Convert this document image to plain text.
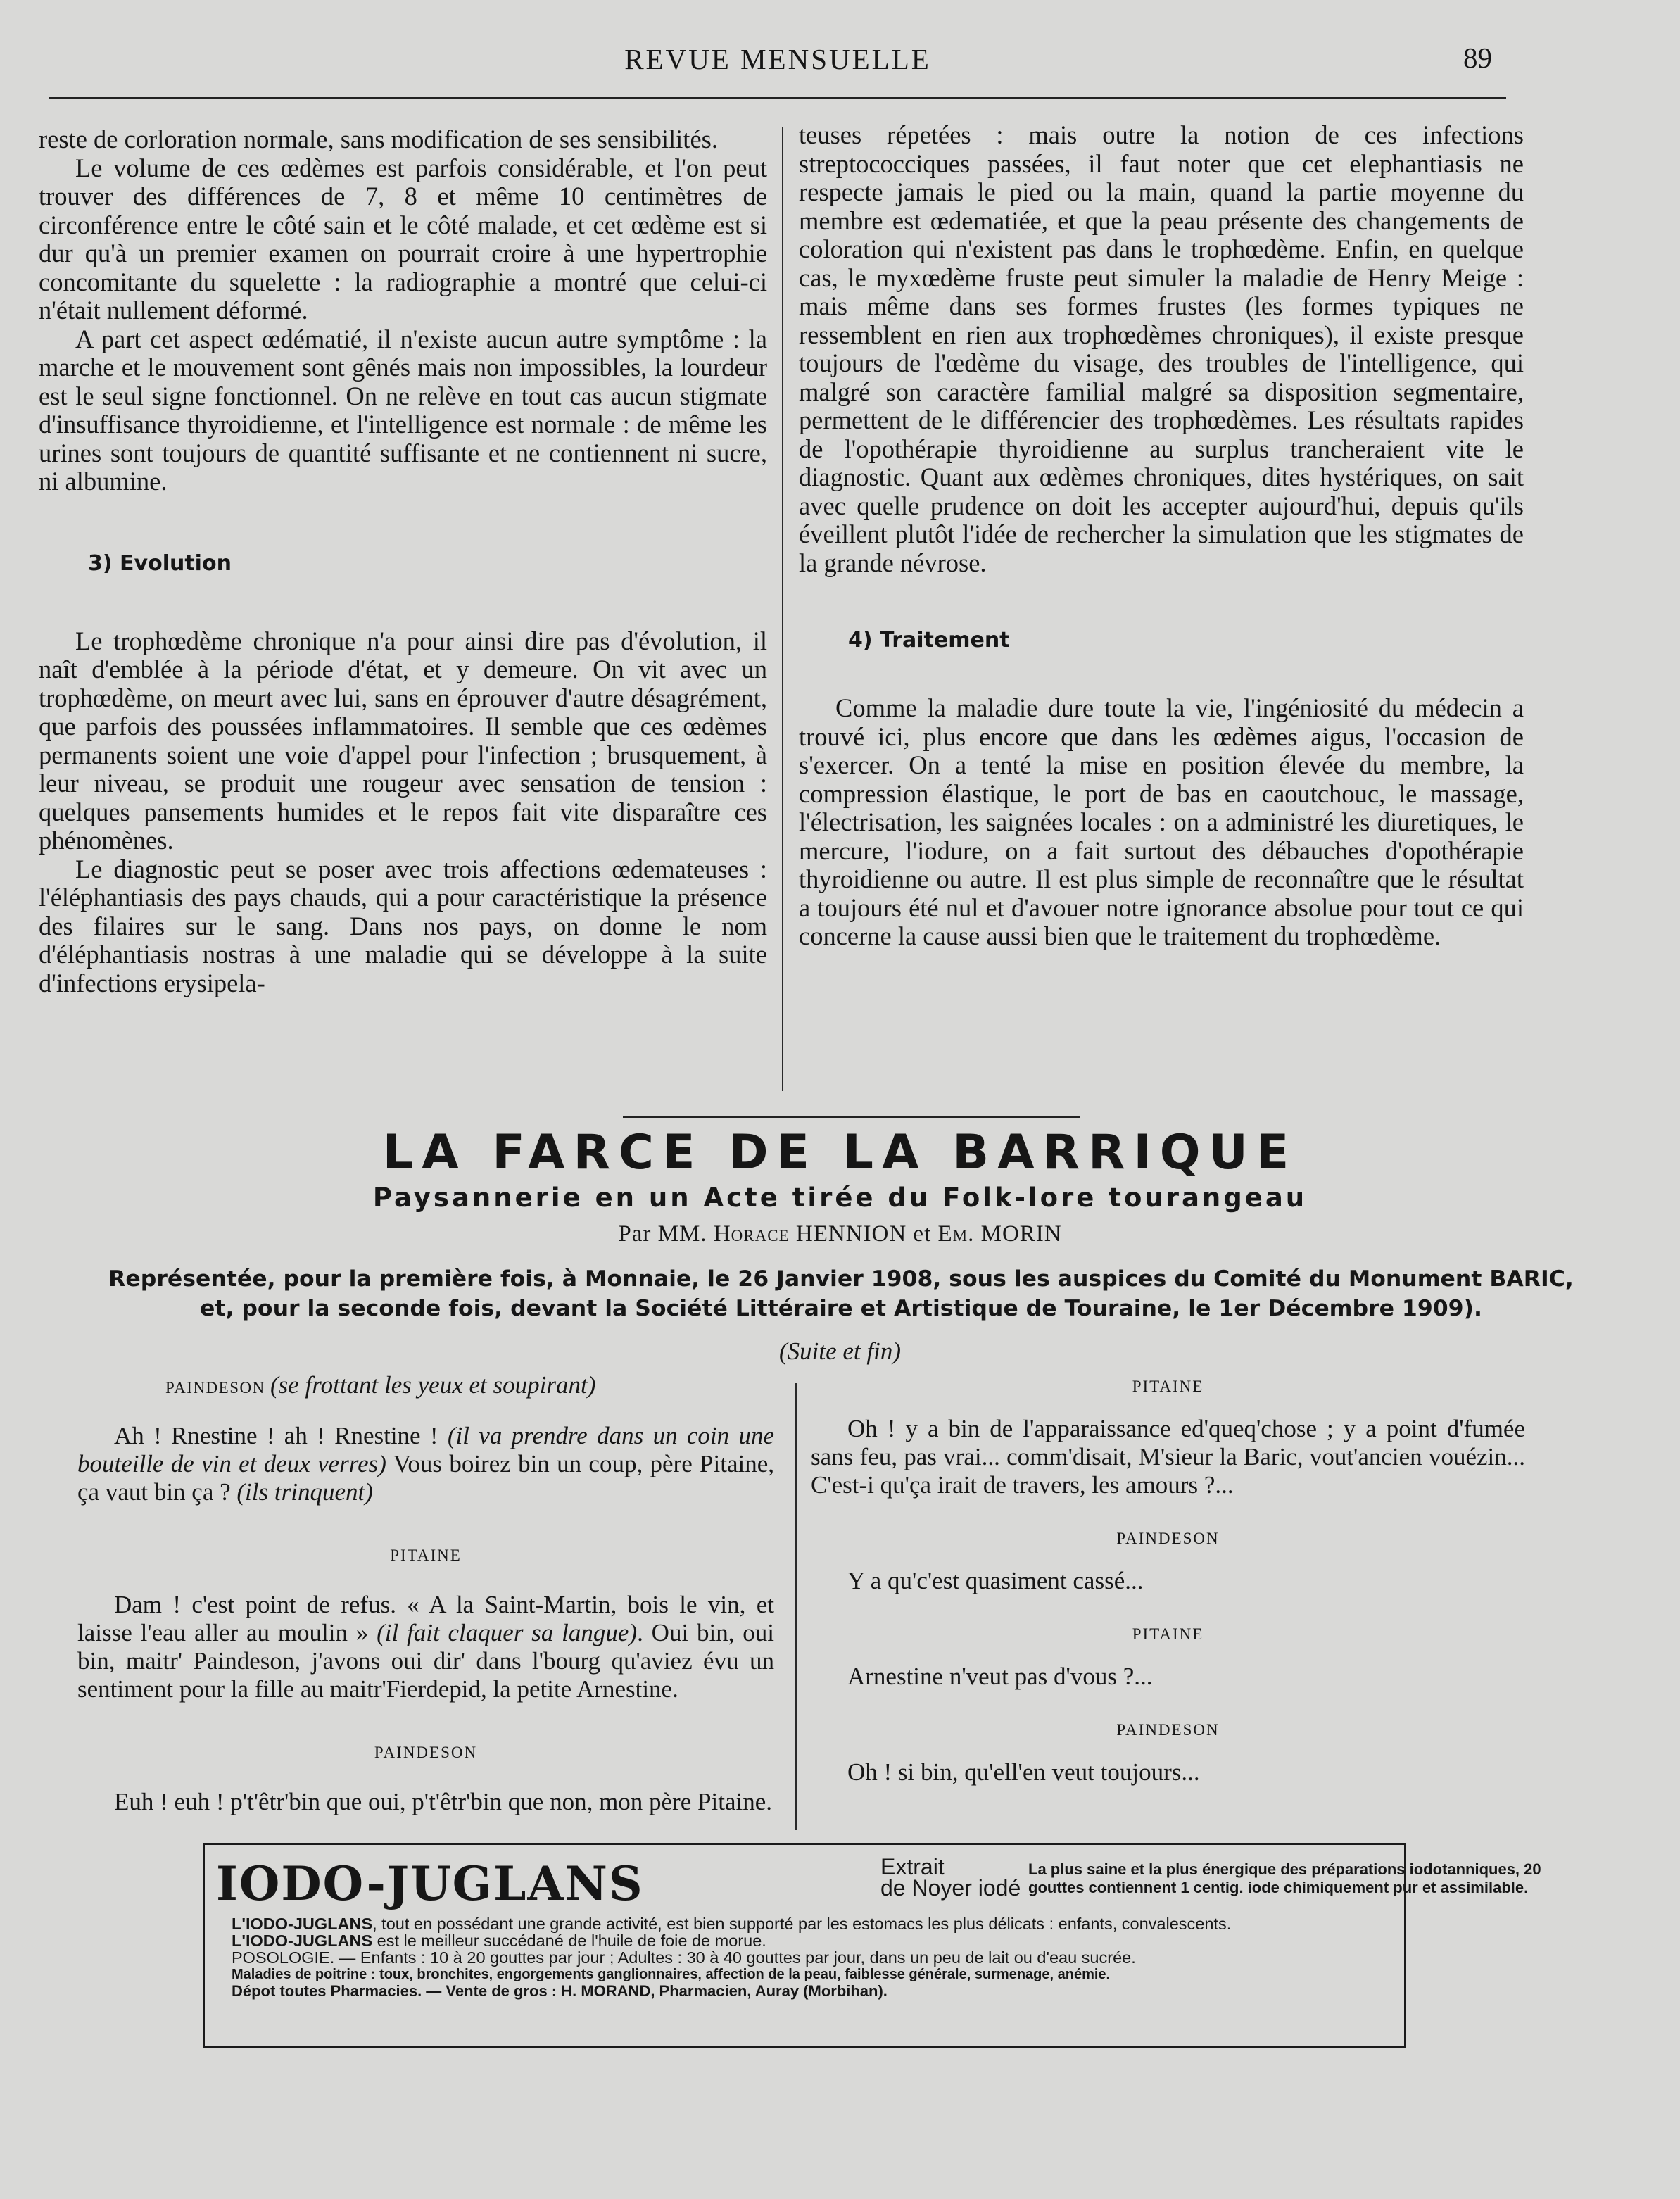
REVUE MENSUELLE	89

reste de corloration normale, sans modification de ses sensibilités.

Le volume de ces œdèmes est parfois considérable, et l'on peut trouver des différences de 7, 8 et même 10 centimètres de circonférence entre le côté sain et le côté malade, et cet œdème est si dur qu'à un premier examen on pourrait croire à une hypertrophie concomitante du squelette : la radiographie a montré que celui-ci n'était nullement déformé.

A part cet aspect œdématié, il n'existe aucun autre symptôme : la marche et le mouvement sont gênés mais non impossibles, la lourdeur est le seul signe fonctionnel. On ne relève en tout cas aucun stigmate d'insuffisance thyroidienne, et l'intelligence est normale : de même les urines sont toujours de quantité suffisante et ne contiennent ni sucre, ni albumine.

3) Evolution

Le trophœdème chronique n'a pour ainsi dire pas d'évolution, il naît d'emblée à la période d'état, et y demeure. On vit avec un trophœdème, on meurt avec lui, sans en éprouver d'autre désagrément, que parfois des poussées inflammatoires. Il semble que ces œdèmes permanents soient une voie d'appel pour l'infection ; brusquement, à leur niveau, se produit une rougeur avec sensation de tension : quelques pansements humides et le repos fait vite disparaître ces phénomènes.

Le diagnostic peut se poser avec trois affections œdemateuses : l'éléphantiasis des pays chauds, qui a pour caractéristique la présence des filaires sur le sang. Dans nos pays, on donne le nom d'éléphantiasis nostras à une maladie qui se développe à la suite d'infections erysipela-

teuses répetées : mais outre la notion de ces infections streptococciques passées, il faut noter que cet elephantiasis ne respecte jamais le pied ou la main, quand la partie moyenne du membre est œdematiée, et que la peau présente des changements de coloration qui n'existent pas dans le trophœdème. Enfin, en quelque cas, le myxœdème fruste peut simuler la maladie de Henry Meige : mais même dans ses formes frustes (les formes typiques ne ressemblent en rien aux trophœdèmes chroniques), il existe presque toujours de l'œdème du visage, des troubles de l'intelligence, qui malgré son caractère familial malgré sa disposition segmentaire, permettent de le différencier des trophœdèmes. Les résultats rapides de l'opothérapie thyroidienne au surplus trancheraient vite le diagnostic. Quant aux œdèmes chroniques, dites hystériques, on sait avec quelle prudence on doit les accepter aujourd'hui, depuis qu'ils éveillent plutôt l'idée de rechercher la simulation que les stigmates de la grande névrose.

4) Traitement

Comme la maladie dure toute la vie, l'ingéniosité du médecin a trouvé ici, plus encore que dans les œdèmes aigus, l'occasion de s'exercer. On a tenté la mise en position élevée du membre, la compression élastique, le port de bas en caoutchouc, le massage, l'électrisation, les saignées locales : on a administré les diuretiques, le mercure, l'iodure, on a fait surtout des débauches d'opothérapie thyroidienne ou autre. Il est plus simple de reconnaître que le résultat a toujours été nul et d'avouer notre ignorance absolue pour tout ce qui concerne la cause aussi bien que le traitement du trophœdème.

LA FARCE DE LA BARRIQUE
Paysannerie en un Acte tirée du Folk-lore tourangeau
Par MM. Horace HENNION et Em. MORIN
Représentée, pour la première fois, à Monnaie, le 26 Janvier 1908, sous les auspices du Comité du Monument BARIC,
et, pour la seconde fois, devant la Société Littéraire et Artistique de Touraine, le 1er Décembre 1909).
(Suite et fin)
PAINDESON (se frottant les yeux et soupirant)
Ah ! Rnestine ! ah ! Rnestine ! (il va prendre dans un coin une bouteille de vin et deux verres) Vous boirez bin un coup, père Pitaine, ça vaut bin ça ? (ils trinquent)
PITAINE
Dam ! c'est point de refus. « A la Saint-Martin, bois le vin, et laisse l'eau aller au moulin » (il fait claquer sa langue). Oui bin, oui bin, maitr' Paindeson, j'avons oui dir' dans l'bourg qu'aviez évu un sentiment pour la fille au maitr'Fierdepid, la petite Arnestine.
PAINDESON
Euh ! euh ! p't'êtr'bin que oui, p't'êtr'bin que non, mon père Pitaine.
PITAINE
Oh ! y a bin de l'apparaissance ed'queq'chose ; y a point d'fumée sans feu, pas vrai... comm'disait, M'sieur la Baric, vout'ancien vouézin... C'est-i qu'ça irait de travers, les amours ?...
PAINDESON
Y a qu'c'est quasiment cassé...
PITAINE
Arnestine n'veut pas d'vous ?...
PAINDESON
Oh ! si bin, qu'ell'en veut toujours...
IODO-JUGLANS	Extrait
de Noyer iodé
La plus saine et la plus énergique des préparations iodotanniques, 20 gouttes contiennent 1 centig. iode chimiquement pur et assimilable.
L'IODO-JUGLANS, tout en possédant une grande activité, est bien supporté par les estomacs les plus délicats : enfants, convalescents.
L'IODO-JUGLANS est le meilleur succédané de l'huile de foie de morue.
POSOLOGIE. — Enfants : 10 à 20 gouttes par jour ; Adultes : 30 à 40 gouttes par jour, dans un peu de lait ou d'eau sucrée.
Maladies de poitrine : toux, bronchites, engorgements ganglionnaires, affection de la peau, faiblesse générale, surmenage, anémie.
Dépot toutes Pharmacies. — Vente de gros : H. MORAND, Pharmacien, Auray (Morbihan).
